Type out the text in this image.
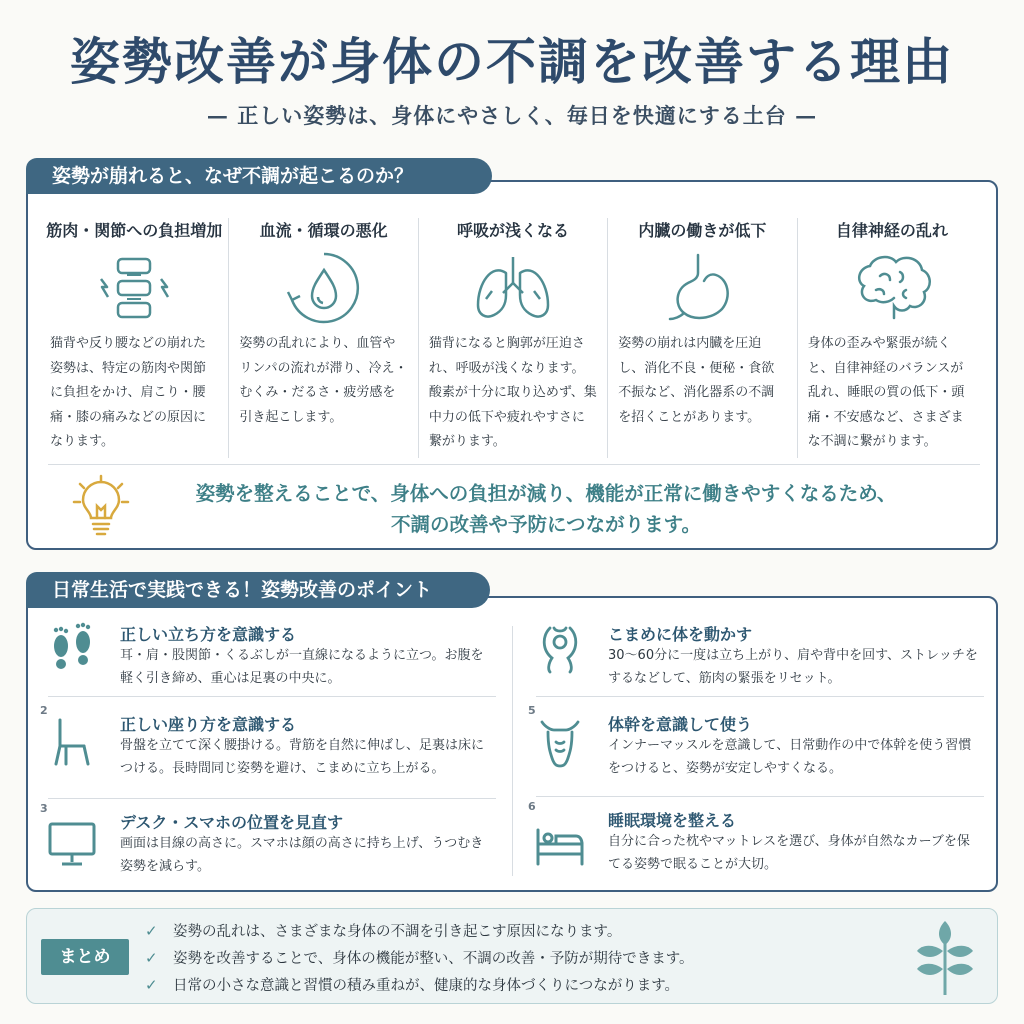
姿勢改善が身体の不調を改善する理由
— 正しい姿勢は、身体にやさしく、毎日を快適にする土台 —
筋肉・関節への負担増加
猫背や反り腰などの崩れた姿勢は、特定の筋肉や関節に負担をかけ、肩こり・腰痛・膝の痛みなどの原因になります。
血流・循環の悪化
姿勢の乱れにより、血管やリンパの流れが滞り、冷え・むくみ・だるさ・疲労感を引き起こします。
呼吸が浅くなる
猫背になると胸郭が圧迫され、呼吸が浅くなります。酸素が十分に取り込めず、集中力の低下や疲れやすさに繋がります。
内臓の働きが低下
姿勢の崩れは内臓を圧迫し、消化不良・便秘・食欲不振など、消化器系の不調を招くことがあります。
自律神経の乱れ
身体の歪みや緊張が続くと、自律神経のバランスが乱れ、睡眠の質の低下・頭痛・不安感など、さまざまな不調に繋がります。
姿勢を整えることで、身体への負担が減り、機能が正常に働きやすくなるため、
不調の改善や予防につながります。
姿勢が崩れると、なぜ不調が起こるのか？
正しい立ち方を意識する
耳・肩・股関節・くるぶしが一直線になるように立つ。お腹を軽く引き締め、重心は足裏の中央に。
2
正しい座り方を意識する
骨盤を立てて深く腰掛ける。背筋を自然に伸ばし、足裏は床につける。長時間同じ姿勢を避け、こまめに立ち上がる。
3
デスク・スマホの位置を見直す
画面は目線の高さに。スマホは顔の高さに持ち上げ、うつむき姿勢を減らす。
こまめに体を動かす
30〜60分に一度は立ち上がり、肩や背中を回す、ストレッチをするなどして、筋肉の緊張をリセット。
5
体幹を意識して使う
インナーマッスルを意識して、日常動作の中で体幹を使う習慣をつけると、姿勢が安定しやすくなる。
6
睡眠環境を整える
自分に合った枕やマットレスを選び、身体が自然なカーブを保てる姿勢で眠ることが大切。
日常生活で実践できる！姿勢改善のポイント
まとめ
✓	姿勢の乱れは、さまざまな身体の不調を引き起こす原因になります。
✓	姿勢を改善することで、身体の機能が整い、不調の改善・予防が期待できます。
✓	日常の小さな意識と習慣の積み重ねが、健康的な身体づくりにつながります。
